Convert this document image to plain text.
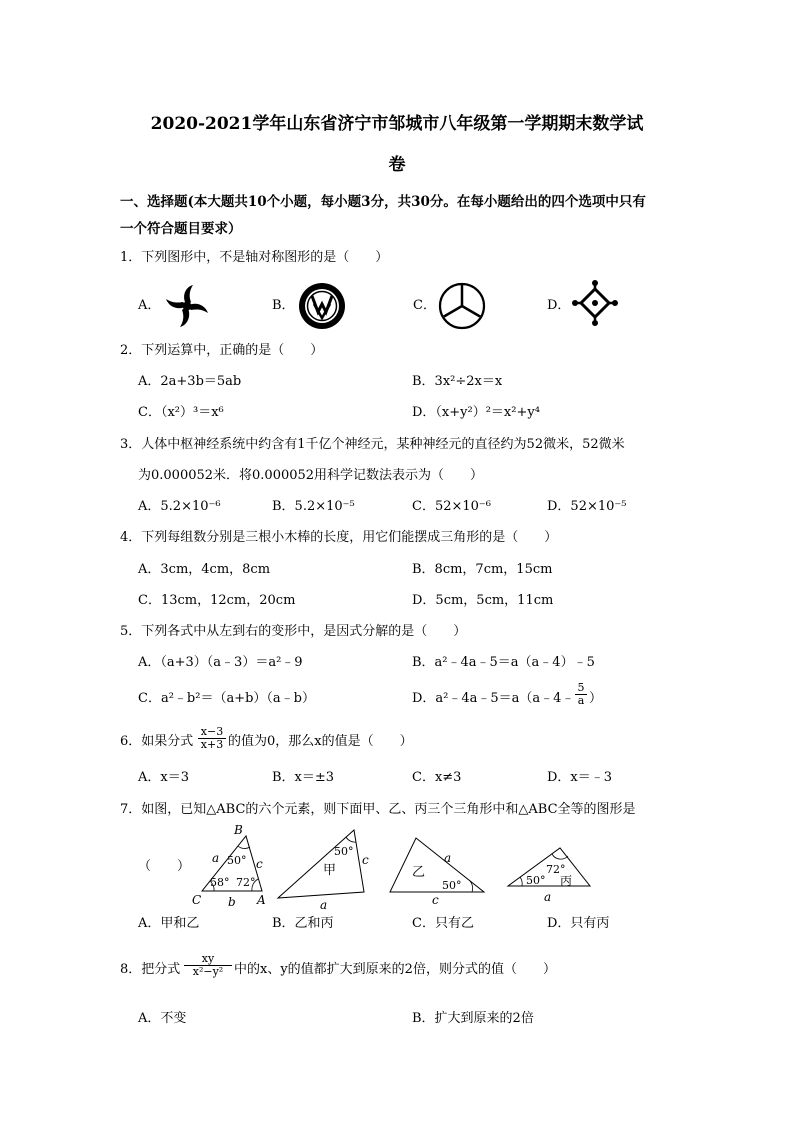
2020-2021学年山东省济宁市邹城市八年级第一学期期末数学试
卷
一、选择题(本大题共10个小题，每小题3分，共30分。在每小题给出的四个选项中只有
一个符合题目要求）
1．下列图形中，不是轴对称图形的是（　　）
A．	B．	C．	D．
2．下列运算中，正确的是（　　）
A．2a+3b＝5ab	B．3x²÷2x＝x
C．（x²）³＝x⁶	D．（x+y²）²＝x²+y⁴
3．人体中枢神经系统中约含有1千亿个神经元，某种神经元的直径约为52微米，52微米
为0.000052米．将0.000052用科学记数法表示为（　　）
A．5.2×10⁻⁶	B．5.2×10⁻⁵	C．52×10⁻⁶	D．52×10⁻⁵
4．下列每组数分别是三根小木棒的长度，用它们能摆成三角形的是（　　）
A．3cm，4cm，8cm	B．8cm，7cm，15cm
C．13cm，12cm，20cm	D．5cm，5cm，11cm
5．下列各式中从左到右的变形中，是因式分解的是（　　）
A．（a+3）（a﹣3）＝a²﹣9	B．a²﹣4a﹣5＝a（a﹣4）﹣5
C．a²﹣b²＝（a+b）（a﹣b）	D．a²﹣4a﹣5＝a（a﹣4﹣ $\frac{5}{a}$ ）
6．如果分式 $\frac{x-3}{x+3}$ 的值为0，那么x的值是（　　）
A．x＝3	B．x＝±3	C．x≠3	D．x＝﹣3
7．如图，已知△ABC的六个元素，则下面甲、乙、丙三个三角形中和△ABC全等的图形是
（　　）
B
C	A
a
b
c
50°
58° 72°
50°
甲
c
a
乙
a
50°
c
72°
50° 丙
a
A．甲和乙	B．乙和丙	C．只有乙	D．只有丙
8．把分式 $\frac{xy}{\text{x²−y²}}$ 中的x、y的值都扩大到原来的2倍，则分式的值（　　）
A．不变	B．扩大到原来的2倍
